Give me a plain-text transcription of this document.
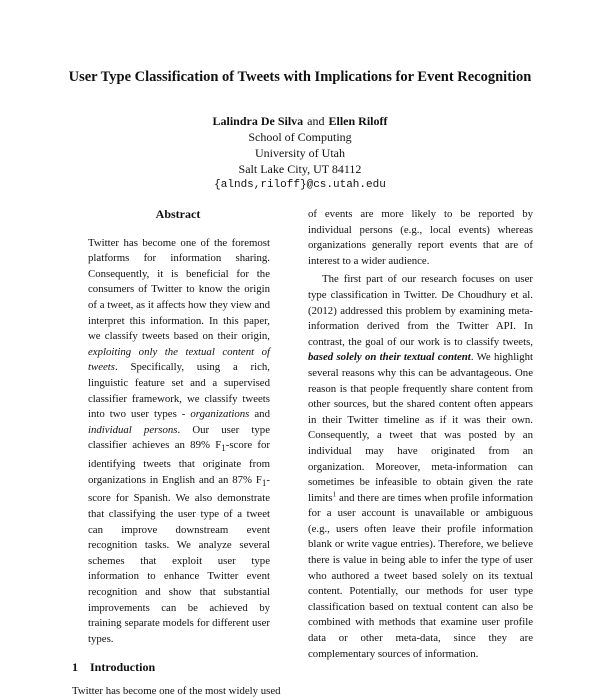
User Type Classification of Tweets with Implications for Event Recognition
Lalindra De Silva and Ellen Riloff
School of Computing
University of Utah
Salt Lake City, UT 84112
{alnds,riloff}@cs.utah.edu
Abstract
Twitter has become one of the foremost platforms for information sharing. Consequently, it is beneficial for the consumers of Twitter to know the origin of a tweet, as it affects how they view and interpret this information. In this paper, we classify tweets based on their origin, exploiting only the textual content of tweets. Specifically, using a rich, linguistic feature set and a supervised classifier framework, we classify tweets into two user types - organizations and individual persons. Our user type classifier achieves an 89% $F_1$-score for identifying tweets that originate from organizations in English and an 87% $F_1$-score for Spanish. We also demonstrate that classifying the user type of a tweet can improve downstream event recognition tasks. We analyze several schemes that exploit user type information to enhance Twitter event recognition and show that substantial improvements can be achieved by training separate models for different user types.
1 Introduction
Twitter has become one of the most widely used

of events are more likely to be reported by individual persons (e.g., local events) whereas organizations generally report events that are of interest to a wider audience.

The first part of our research focuses on user type classification in Twitter. De Choudhury et al. (2012) addressed this problem by examining meta-information derived from the Twitter API. In contrast, the goal of our work is to classify tweets, based solely on their textual content. We highlight several reasons why this can be advantageous. One reason is that people frequently share content from other sources, but the shared content often appears in their Twitter timeline as if it was their own. Consequently, a tweet that was posted by an individual may have originated from an organization. Moreover, meta-information can sometimes be infeasible to obtain given the rate limits$^1$ and there are times when profile information for a user account is unavailable or ambiguous (e.g., users often leave their profile information blank or write vague entries). Therefore, we believe there is value in being able to infer the type of user who authored a tweet based solely on its textual content. Potentially, our methods for user type classification based on textual content can also be combined with methods that examine user profile data or other meta-data, since they are complementary sources of information.
